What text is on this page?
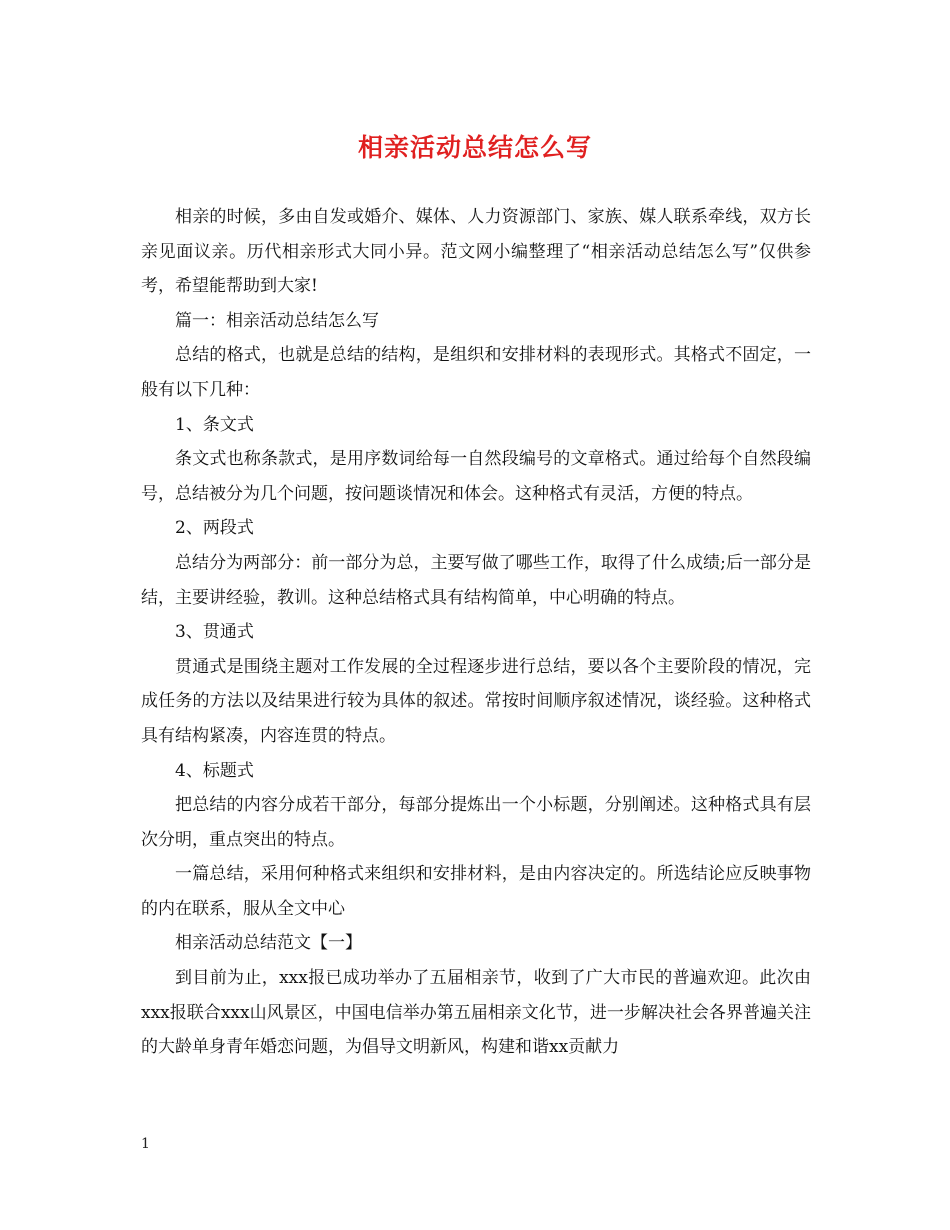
相亲活动总结怎么写

相亲的时候，多由自发或婚介、媒体、人力资源部门、家族、媒人联系牵线，双方长亲见面议亲。历代相亲形式大同小异。范文网小编整理了“相亲活动总结怎么写”仅供参考，希望能帮助到大家!

篇一：相亲活动总结怎么写

总结的格式，也就是总结的结构，是组织和安排材料的表现形式。其格式不固定，一般有以下几种：

1、条文式

条文式也称条款式，是用序数词给每一自然段编号的文章格式。通过给每个自然段编号，总结被分为几个问题，按问题谈情况和体会。这种格式有灵活，方便的特点。

2、两段式

总结分为两部分：前一部分为总，主要写做了哪些工作，取得了什么成绩;后一部分是结，主要讲经验，教训。这种总结格式具有结构简单，中心明确的特点。

3、贯通式

贯通式是围绕主题对工作发展的全过程逐步进行总结，要以各个主要阶段的情况，完成任务的方法以及结果进行较为具体的叙述。常按时间顺序叙述情况，谈经验。这种格式具有结构紧凑，内容连贯的特点。

4、标题式

把总结的内容分成若干部分，每部分提炼出一个小标题，分别阐述。这种格式具有层次分明，重点突出的特点。

一篇总结，采用何种格式来组织和安排材料，是由内容决定的。所选结论应反映事物的内在联系，服从全文中心

相亲活动总结范文【一】

到目前为止，xxx报已成功举办了五届相亲节，收到了广大市民的普遍欢迎。此次由xxx报联合xxx山风景区，中国电信举办第五届相亲文化节，进一步解决社会各界普遍关注的大龄单身青年婚恋问题，为倡导文明新风，构建和谐xx贡献力

1
